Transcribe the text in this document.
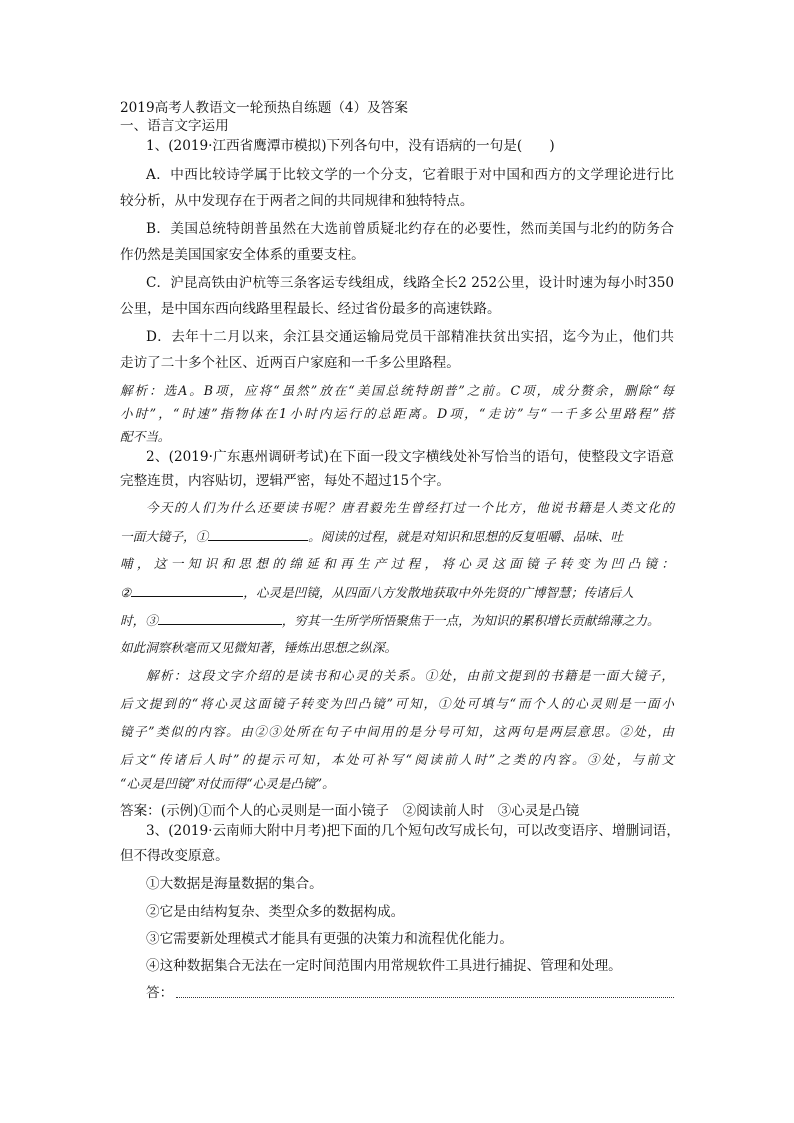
2019高考人教语文一轮预热自练题（4）及答案
一、语言文字运用
1、(2019·江西省鹰潭市模拟)下列各句中，没有语病的一句是(　　)
A．中西比较诗学属于比较文学的一个分支，它着眼于对中国和西方的文学理论进行比
较分析，从中发现存在于两者之间的共同规律和独特特点。
B．美国总统特朗普虽然在大选前曾质疑北约存在的必要性，然而美国与北约的防务合
作仍然是美国国家安全体系的重要支柱。
C．沪昆高铁由沪杭等三条客运专线组成，线路全长2 252公里，设计时速为每小时350
公里，是中国东西向线路里程最长、经过省份最多的高速铁路。
D．去年十二月以来，余江县交通运输局党员干部精准扶贫出实招，迄今为止，他们共
走访了二十多个社区、近两百户家庭和一千多公里路程。
解析：选A。B项，应将“虽然”放在“美国总统特朗普”之前。C项，成分赘余，删除“每
小时”，“时速”指物体在1小时内运行的总距离。D项，“走访”与“一千多公里路程”搭
配不当。
2、(2019·广东惠州调研考试)在下面一段文字横线处补写恰当的语句，使整段文字语意
完整连贯，内容贴切，逻辑严密，每处不超过15个字。
今天的人们为什么还要读书呢？唐君毅先生曾经打过一个比方，他说书籍是人类文化的
一面大镜子，①	。阅读的过程，就是对知识和思想的反复咀嚼、品味、吐
哺，这一知识和思想的绵延和再生产过程，将心灵这面镜子转变为凹凸镜：
②	，心灵是凹镜，从四面八方发散地获取中外先贤的广博智慧；传诸后人
时，③	，穷其一生所学所悟聚焦于一点，为知识的累积增长贡献绵薄之力。
如此洞察秋毫而又见微知著，锤炼出思想之纵深。
解析：这段文字介绍的是读书和心灵的关系。①处，由前文提到的书籍是一面大镜子，
后文提到的“将心灵这面镜子转变为凹凸镜”可知，①处可填与“而个人的心灵则是一面小
镜子”类似的内容。由②③处所在句子中间用的是分号可知，这两句是两层意思。②处，由
后文“传诸后人时”的提示可知，本处可补写“阅读前人时”之类的内容。③处，与前文
“心灵是凹镜”对仗而得“心灵是凸镜”。
答案：(示例)①而个人的心灵则是一面小镜子　②阅读前人时　③心灵是凸镜
3、(2019·云南师大附中月考)把下面的几个短句改写成长句，可以改变语序、增删词语，
但不得改变原意。
①大数据是海量数据的集合。
②它是由结构复杂、类型众多的数据构成。
③它需要新处理模式才能具有更强的决策力和流程优化能力。
④这种数据集合无法在一定时间范围内用常规软件工具进行捕捉、管理和处理。
答：
